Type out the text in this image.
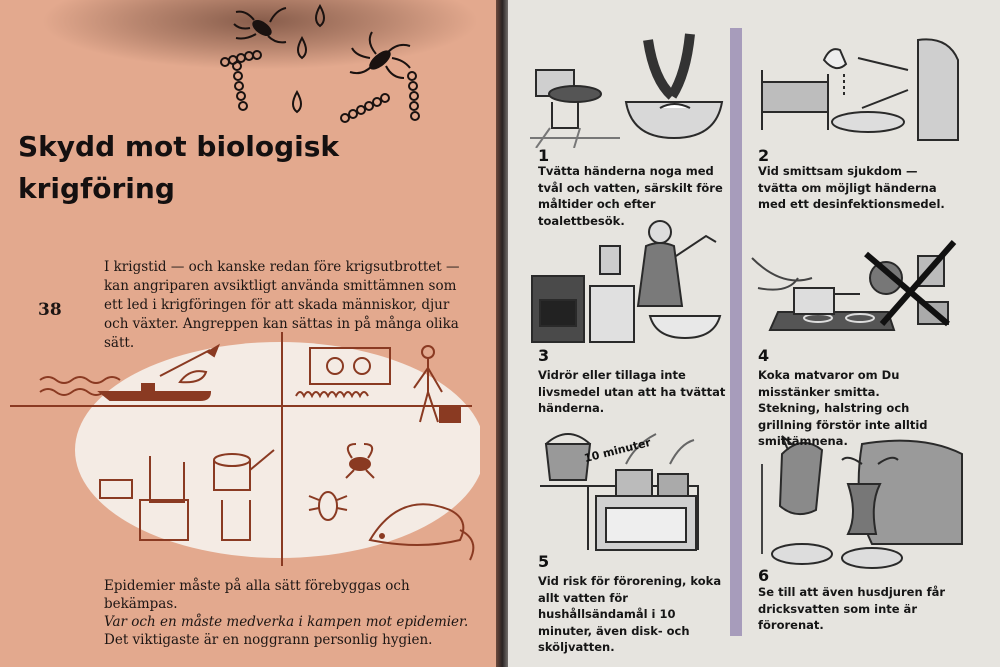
Skydd mot biologisk
krigföring

I krigstid — och kanske redan före krigsutbrottet — kan angriparen avsiktligt använda smittämnen som ett led i krigföringen för att skada människor, djur och växter. Angreppen kan sättas in på många olika sätt.

38

Epidemier måste på alla sätt förebyggas och bekämpas.
Var och en måste medverka i kampen mot epidemier.
Det viktigaste är en noggrann personlig hygien.

10 minuter
1

Tvätta händerna noga med tvål och vatten, särskilt före måltider och efter toalettbesök.

2

Vid smittsam sjukdom — tvätta om möjligt händerna med ett desinfektionsmedel.

3

Vidrör eller tillaga inte livsmedel utan att ha tvättat händerna.

4

Koka matvaror om Du misstänker smitta. Stekning, halstring och grillning förstör inte alltid smittämnena.

5

Vid risk för förorening, koka allt vatten för hushållsändamål i 10 minuter, även disk- och sköljvatten.

6

Se till att även husdjuren får dricksvatten som inte är förorenat.
